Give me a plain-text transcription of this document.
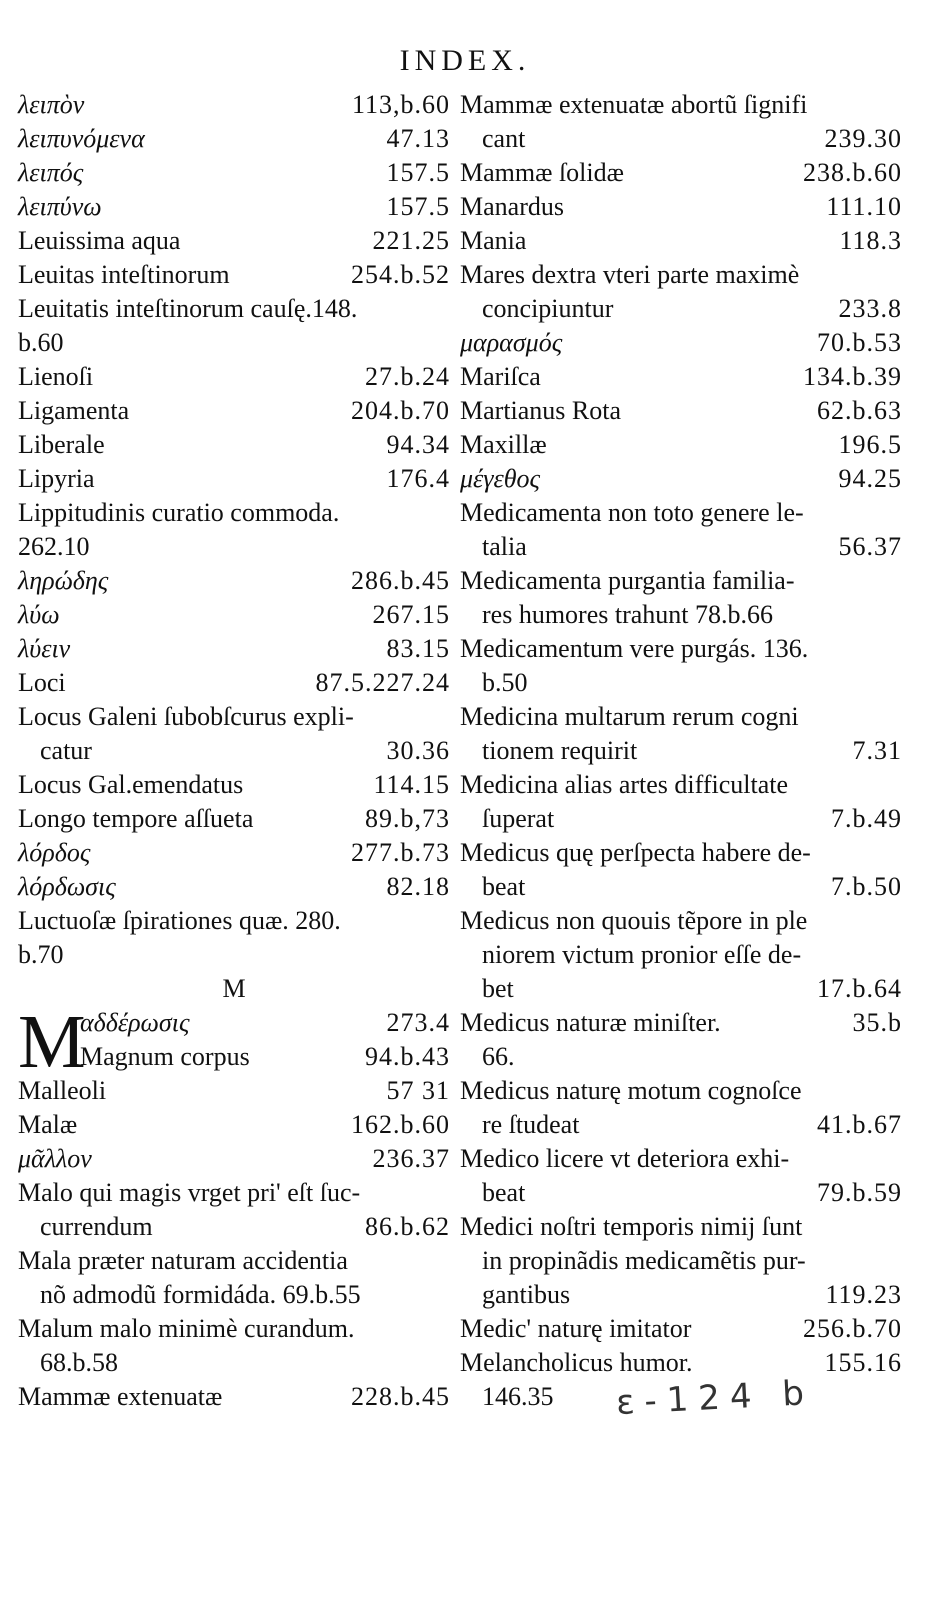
INDEX.
λειπὸν	113,b.60
λειπυνόμενα	47.13
λειπός	157.5
λειπύνω	157.5
Leuissima aqua	221.25
Leuitas inteſtinorum	254.b.52
Leuitatis inteſtinorum cauſę.148.
b.60
Lienoſi	27.b.24
Ligamenta	204.b.70
Liberale	94.34
Lipyria	176.4
Lippitudinis curatio commoda.
262.10
ληρώδης	286.b.45
λύω	267.15
λύειν	83.15
Loci	87.5.227.24
Locus Galeni ſubobſcurus expli-
catur	30.36
Locus Gal.emendatus	114.15
Longo tempore aſſueta	89.b,73
λόρδος	277.b.73
λόρδωσις	82.18
Luctuoſæ ſpirationes quæ. 280.
b.70
M
M
αδδέρωσις	273.4
Magnum corpus	94.b.43
Malleoli	57 31
Malæ	162.b.60
μᾶλλον	236.37
Malo qui magis vrget pri' eſt ſuc-
currendum	86.b.62
Mala præter naturam accidentia
nõ admodũ formidáda. 69.b.55
Malum malo minimè curandum.
68.b.58
Mammæ extenuatæ	228.b.45
Mammæ extenuatæ abortũ ſignifi
cant	239.30
Mammæ ſolidæ	238.b.60
Manardus	111.10
Mania	118.3
Mares dextra vteri parte maximè
concipiuntur	233.8
μαρασμός	70.b.53
Mariſca	134.b.39
Martianus Rota	62.b.63
Maxillæ	196.5
μέγεθος	94.25
Medicamenta non toto genere le-
talia	56.37
Medicamenta purgantia familia-
res humores trahunt 78.b.66
Medicamentum vere purgás. 136.
b.50
Medicina multarum rerum cogni
tionem requirit	7.31
Medicina alias artes difficultate
ſuperat	7.b.49
Medicus quę perſpecta habere de-
beat	7.b.50
Medicus non quouis tẽpore in ple
niorem victum pronior eſſe de-
bet	17.b.64
Medicus naturæ miniſter.	35.b
66.
Medicus naturę motum cognoſce
re ſtudeat	41.b.67
Medico licere vt deteriora exhi-
beat	79.b.59
Medici noſtri temporis nimij ſunt
in propinãdis medicamẽtis pur-
gantibus	119.23
Medic' naturę imitator	256.b.70
Melancholicus humor.	155.16
146.35 ε-124 b
